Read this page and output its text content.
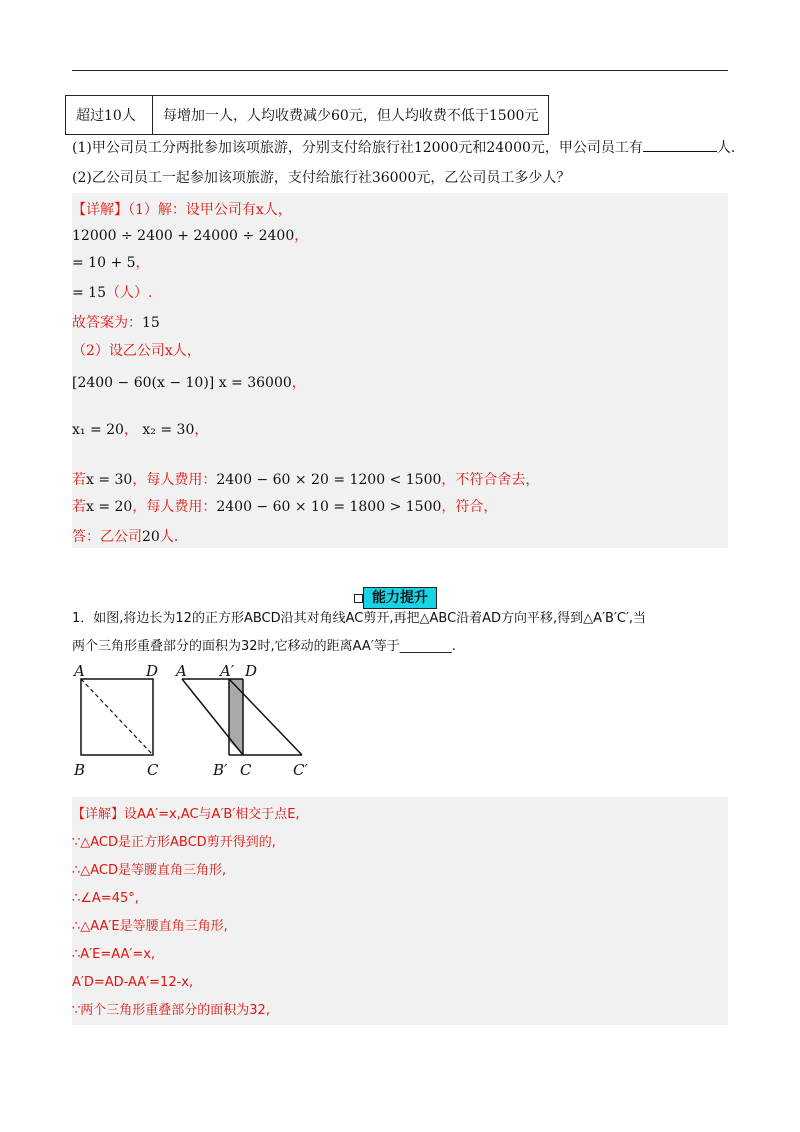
超过10人	每增加一人，人均收费减少60元，但人均收费不低于1500元
(1)甲公司员工分两批参加该项旅游，分别支付给旅行社12000元和24000元，甲公司员工有	人.
(2)乙公司员工一起参加该项旅游，支付给旅行社36000元，乙公司员工多少人？
【详解】（1）解：设甲公司有x人，
12000 ÷ 2400 + 24000 ÷ 2400，
= 10 + 5，
= 15（人）.
故答案为：15
（2）设乙公司x人，
[2400 − 60(x − 10)] x = 36000，
x₁ = 20， x₂ = 30，
若x = 30，每人费用：2400 − 60 × 20 = 1200 < 1500，不符合舍去，
若x = 20，每人费用：2400 − 60 × 10 = 1800 > 1500，符合，
答：乙公司20人.
能力提升
1．如图,将边长为12的正方形ABCD沿其对角线AC剪开,再把△ABC沿着AD方向平移,得到△A′B′C′,当
两个三角形重叠部分的面积为32时,它移动的距离AA′等于________.
A	D
B	C
A A′ D
B′ C	C′
【详解】设AA′=x,AC与A′B′相交于点E,
∵△ACD是正方形ABCD剪开得到的,
∴△ACD是等腰直角三角形,
∴∠A=45°,
∴△AA′E是等腰直角三角形,
∴A′E=AA′=x,
A′D=AD-AA′=12-x,
∵两个三角形重叠部分的面积为32,
